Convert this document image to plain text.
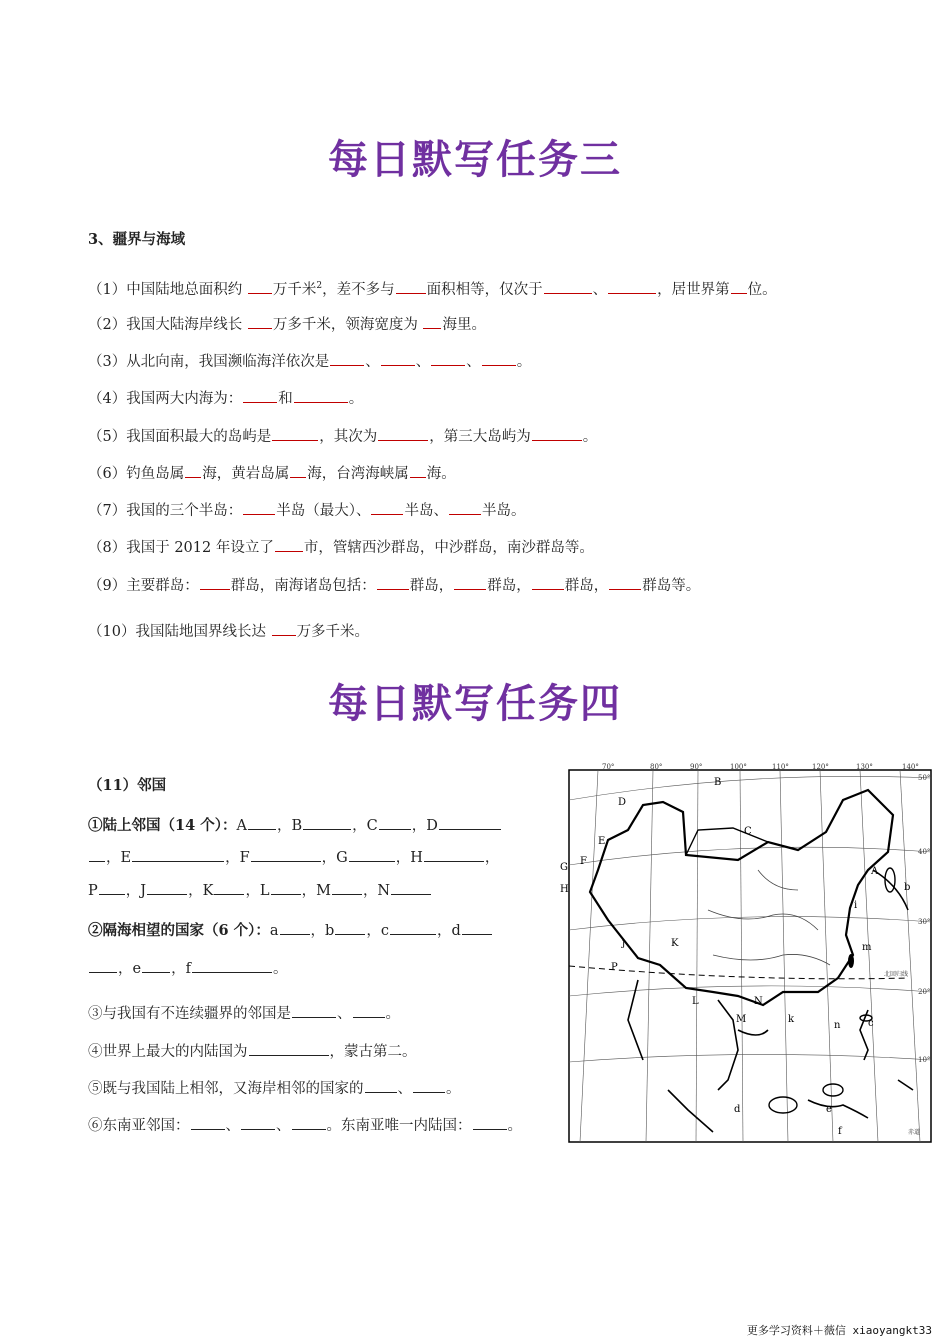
每日默写任务三
3、疆界与海域
（1）中国陆地总面积约 万千米$^2$，差不多与 面积相等，仅次于	、	，居世界第 位。
（2）我国大陆海岸线长 万多千米，领海宽度为 海里。
（3）从北向南，我国濒临海洋依次是 、 、 、 。
（4）我国两大内海为： 和	。
（5）我国面积最大的岛屿是	，其次为	，第三大岛屿为	。
（6）钓鱼岛属 海，黄岩岛属 海，台湾海峡属 海。
（7）我国的三个半岛： 半岛（最大）、 半岛、 半岛。
（8）我国于 2012 年设立了 市，管辖西沙群岛，中沙群岛，南沙群岛等。
（9）主要群岛： 群岛，南海诸岛包括： 群岛， 群岛， 群岛， 群岛等。
（10）我国陆地国界线长达 万多千米。
每日默写任务四
（11）邻国
①陆上邻国（14 个）：A ，B	，C ，D
，E	，F	，G	，H	，
P ，J	，K ，L ，M ，N
②隔海相望的国家（6 个）：a ，b ，c	，d
，e ，f	。
③与我国有不连续疆界的邻国是	、 。
④世界上最大的内陆国为	，蒙古第二。
⑤既与我国陆上相邻，又海岸相邻的国家的 、 。
⑥东南亚邻国： 、 、 。东南亚唯一内陆国： 。
70°	80°	90°	100°	110°	120°	130°	140°
50°
40°
30°
20°
10°
北回归线
赤道
B
C
D
E
G
F
H
A
b
i
j	K
P
m
L	N
M	k
n	c
d	e
f
更多学习资料＋薇信 xiaoyangkt33
